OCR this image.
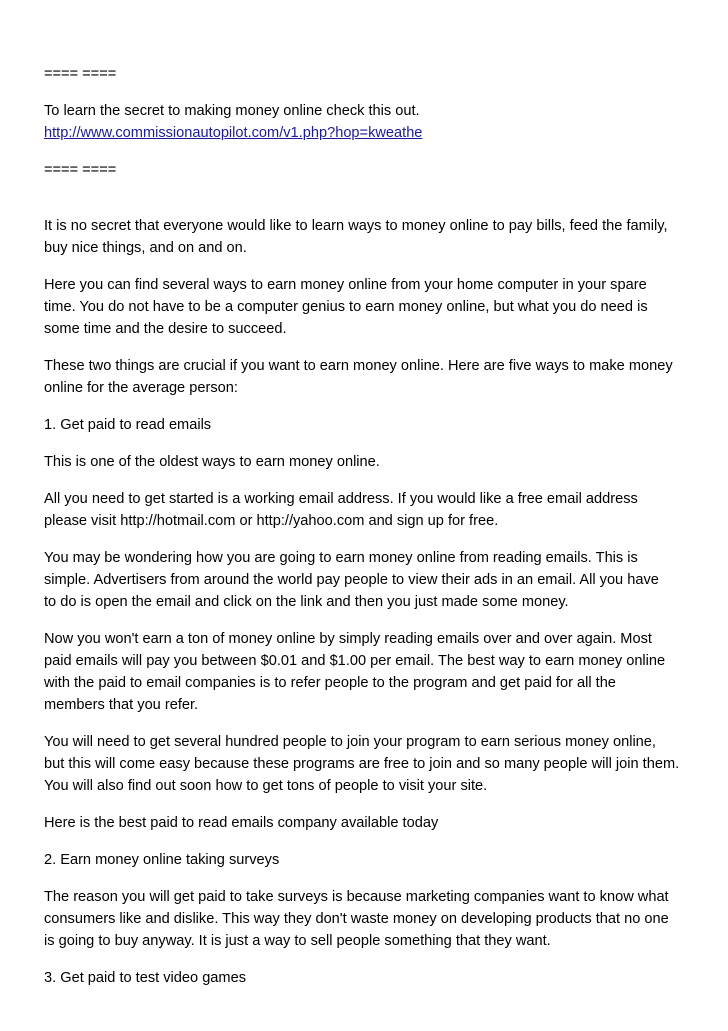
==== ====
To learn the secret to making money online check this out.
http://www.commissionautopilot.com/v1.php?hop=kweathe
==== ====
It is no secret that everyone would like to learn ways to money online to pay bills, feed the family,
buy nice things, and on and on.
Here you can find several ways to earn money online from your home computer in your spare
time. You do not have to be a computer genius to earn money online, but what you do need is
some time and the desire to succeed.
These two things are crucial if you want to earn money online. Here are five ways to make money
online for the average person:
1. Get paid to read emails
This is one of the oldest ways to earn money online.
All you need to get started is a working email address. If you would like a free email address
please visit http://hotmail.com or http://yahoo.com and sign up for free.
You may be wondering how you are going to earn money online from reading emails. This is
simple. Advertisers from around the world pay people to view their ads in an email. All you have
to do is open the email and click on the link and then you just made some money.
Now you won't earn a ton of money online by simply reading emails over and over again. Most
paid emails will pay you between $0.01 and $1.00 per email. The best way to earn money online
with the paid to email companies is to refer people to the program and get paid for all the
members that you refer.
You will need to get several hundred people to join your program to earn serious money online,
but this will come easy because these programs are free to join and so many people will join them.
You will also find out soon how to get tons of people to visit your site.
Here is the best paid to read emails company available today
2. Earn money online taking surveys
The reason you will get paid to take surveys is because marketing companies want to know what
consumers like and dislike. This way they don't waste money on developing products that no one
is going to buy anyway. It is just a way to sell people something that they want.
3. Get paid to test video games
